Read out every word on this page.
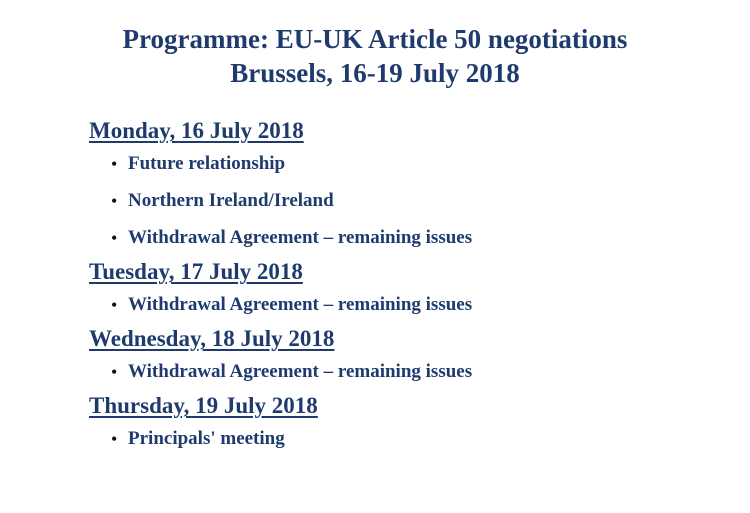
Programme: EU-UK Article 50 negotiations
Brussels, 16-19 July 2018
Monday, 16 July 2018
• Future relationship
• Northern Ireland/Ireland
• Withdrawal Agreement – remaining issues
Tuesday, 17 July 2018
• Withdrawal Agreement – remaining issues
Wednesday, 18 July 2018
• Withdrawal Agreement – remaining issues
Thursday, 19 July 2018
• Principals' meeting
